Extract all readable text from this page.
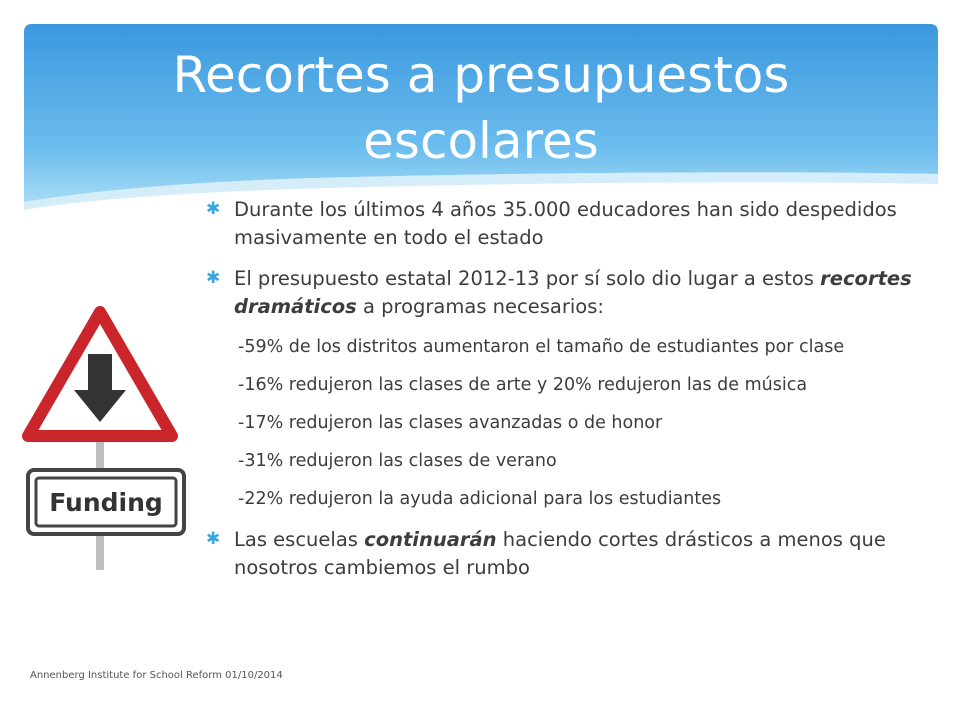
Recortes a presupuestos
escolares
Funding
✱ Durante los últimos 4 años 35.000 educadores han sido despedidos masivamente en todo el estado
✱ El presupuesto estatal 2012-13 por sí solo dio lugar a estos recortes dramáticos a programas necesarios:
-59% de los distritos aumentaron el tamaño de estudiantes por clase
-16% redujeron las clases de arte y 20% redujeron las de música
-17% redujeron las clases avanzadas o de honor
-31% redujeron las clases de verano
-22% redujeron la ayuda adicional para los estudiantes
✱ Las escuelas continuarán haciendo cortes drásticos a menos que nosotros cambiemos el rumbo
Annenberg Institute for School Reform 01/10/2014
